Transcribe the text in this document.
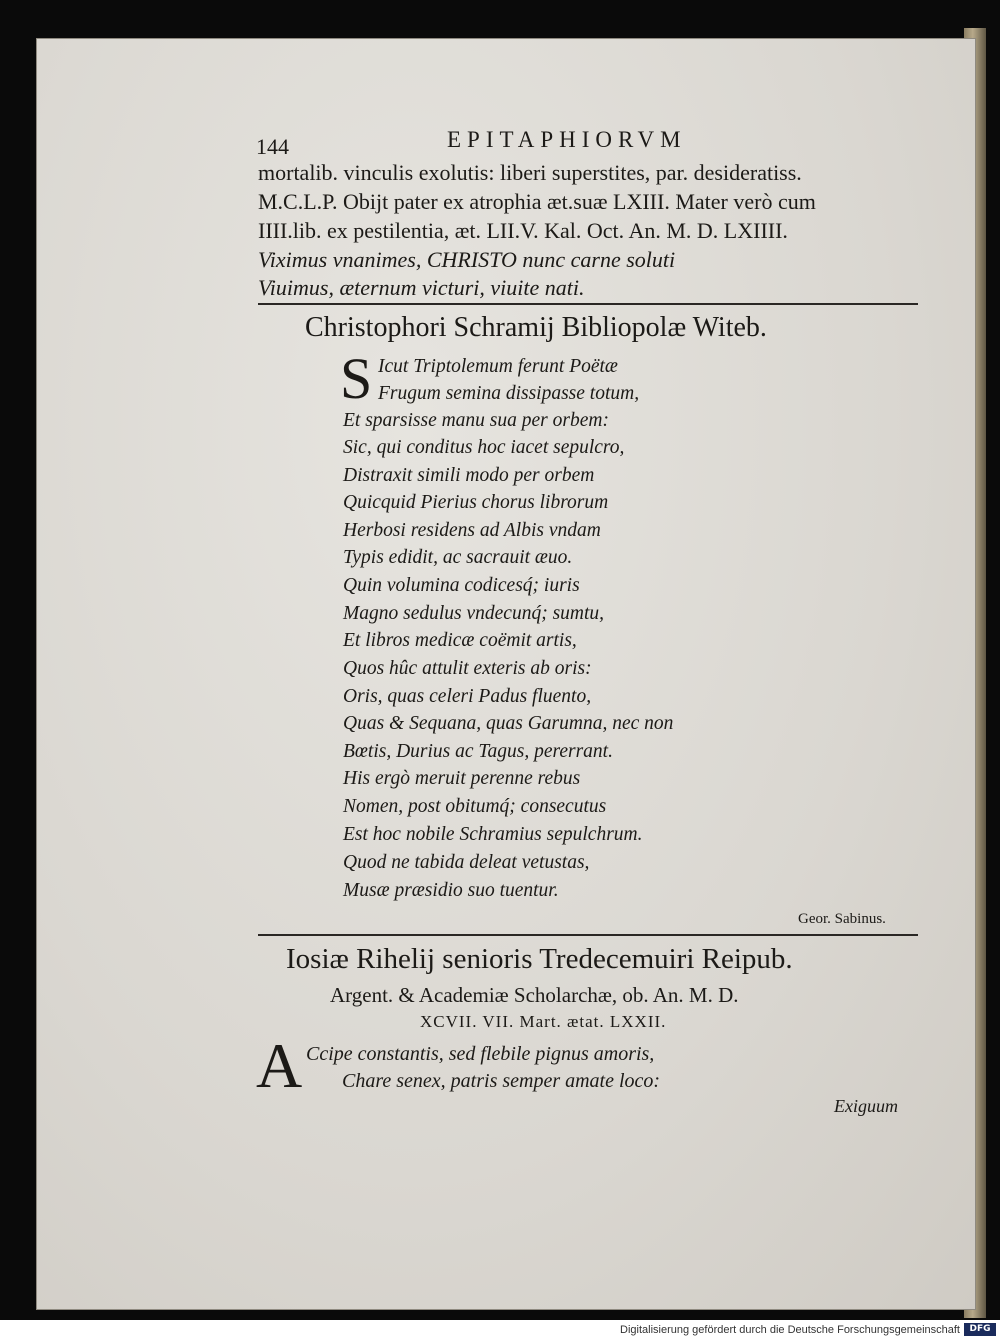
144	EPITAPHIORVM
mortalib. vinculis exolutis: liberi superstites, par. desideratiss.
M.C.L.P. Obijt pater ex atrophia æt.suæ LXIII. Mater verò cum
IIII.lib. ex pestilentia, æt. LII.V. Kal. Oct. An. M. D. LXIIII.
Viximus vnanimes, CHRISTO nunc carne soluti
Viuimus, æternum victuri, viuite nati.
Christophori Schramij Bibliopolæ Witeb.
S Icut Triptolemum ferunt Poëtæ
Frugum semina dissipasse totum,
Et sparsisse manu sua per orbem:
Sic, qui conditus hoc iacet sepulcro,
Distraxit simili modo per orbem
Quicquid Pierius chorus librorum
Herbosi residens ad Albis vndam
Typis edidit, ac sacrauit æuo.
Quin volumina codicesq́; iuris
Magno sedulus vndecunq́; sumtu,
Et libros medicæ coëmit artis,
Quos hûc attulit exteris ab oris:
Oris, quas celeri Padus fluento,
Quas & Sequana, quas Garumna, nec non
Bœtis, Durius ac Tagus, pererrant.
His ergò meruit perenne rebus
Nomen, post obitumq́; consecutus
Est hoc nobile Schramius sepulchrum.
Quod ne tabida deleat vetustas,
Musæ præsidio suo tuentur.
Geor. Sabinus.
Iosiæ Rihelij senioris Tredecemuiri Reipub.
Argent. & Academiæ Scholarchæ, ob. An. M. D.
XCVII. VII. Mart. ætat. LXXII.
A Ccipe constantis, sed flebile pignus amoris,
Chare senex, patris semper amate loco:
Exiguum
Digitalisierung gefördert durch die Deutsche Forschungsgemeinschaft	DFG
